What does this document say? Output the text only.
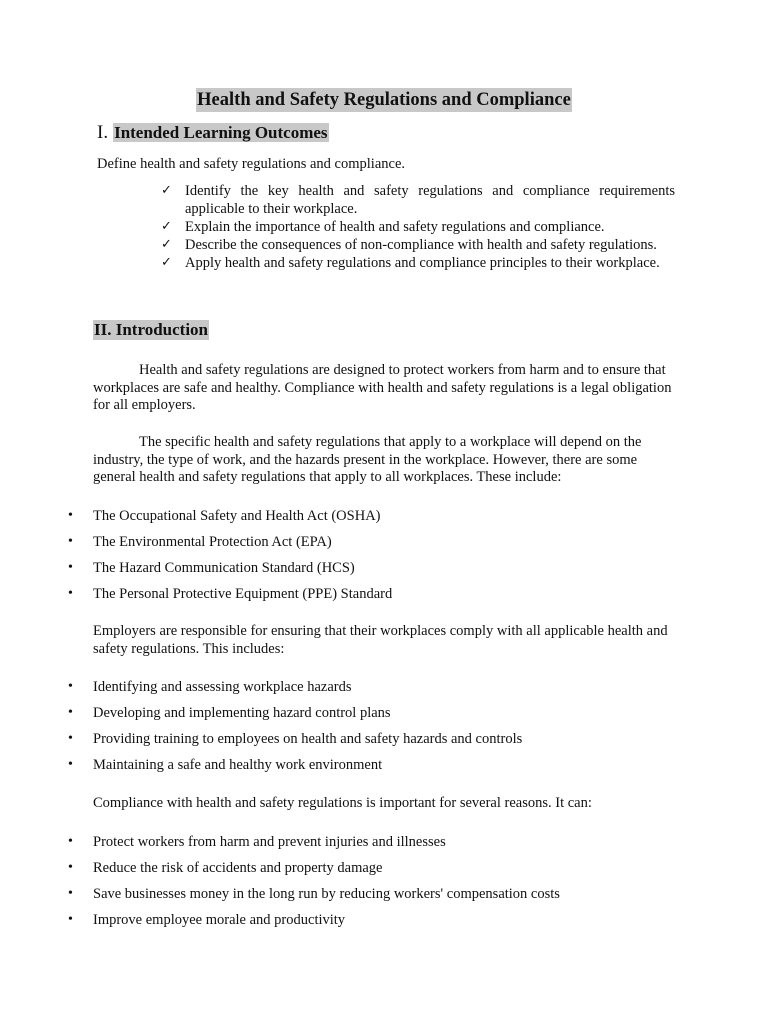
Health and Safety Regulations and Compliance
I. Intended Learning Outcomes
Define health and safety regulations and compliance.
✓ Identify the key health and safety regulations and compliance requirements applicable to their workplace.
✓ Explain the importance of health and safety regulations and compliance.
✓ Describe the consequences of non-compliance with health and safety regulations.
✓ Apply health and safety regulations and compliance principles to their workplace.
II. Introduction

Health and safety regulations are designed to protect workers from harm and to ensure that workplaces are safe and healthy. Compliance with health and safety regulations is a legal obligation for all employers.

The specific health and safety regulations that apply to a workplace will depend on the industry, the type of work, and the hazards present in the workplace. However, there are some general health and safety regulations that apply to all workplaces. These include:

•	The Occupational Safety and Health Act (OSHA)
•	The Environmental Protection Act (EPA)
•	The Hazard Communication Standard (HCS)
•	The Personal Protective Equipment (PPE) Standard

Employers are responsible for ensuring that their workplaces comply with all applicable health and safety regulations. This includes:

•	Identifying and assessing workplace hazards
•	Developing and implementing hazard control plans
•	Providing training to employees on health and safety hazards and controls
•	Maintaining a safe and healthy work environment

Compliance with health and safety regulations is important for several reasons. It can:

•	Protect workers from harm and prevent injuries and illnesses
•	Reduce the risk of accidents and property damage
•	Save businesses money in the long run by reducing workers' compensation costs
•	Improve employee morale and productivity
